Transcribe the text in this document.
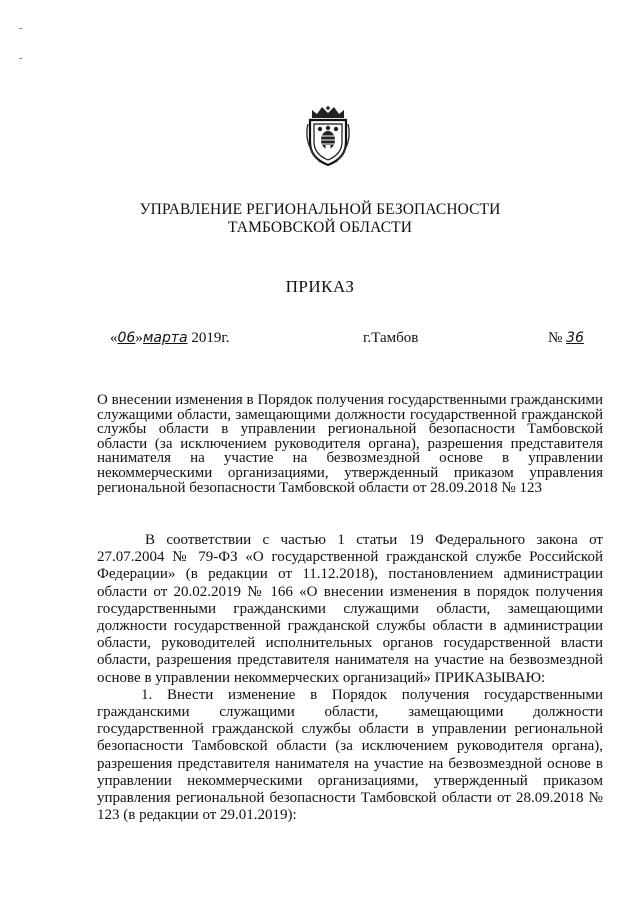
УПРАВЛЕНИЕ РЕГИОНАЛЬНОЙ БЕЗОПАСНОСТИ
ТАМБОВСКОЙ ОБЛАСТИ
ПРИКАЗ
«06»марта 2019г.	г.Тамбов	№ 36
О внесении изменения в Порядок получения государственными гражданскими служащими области, замещающими должности государственной гражданской службы области в управлении региональной безопасности Тамбовской области (за исключением руководителя органа), разрешения представителя нанимателя на участие на безвозмездной основе в управлении некоммерческими организациями, утвержденный приказом управления региональной безопасности Тамбовской области от 28.09.2018 № 123

В соответствии с частью 1 статьи 19 Федерального закона от 27.07.2004 № 79-ФЗ «О государственной гражданской службе Российской Федерации» (в редакции от 11.12.2018), постановлением администрации области от 20.02.2019 № 166 «О внесении изменения в порядок получения государственными гражданскими служащими области, замещающими должности государственной гражданской службы области в администрации области, руководителей исполнительных органов государственной власти области, разрешения представителя нанимателя на участие на безвозмездной основе в управлении некоммерческих организаций» ПРИКАЗЫВАЮ:

1. Внести изменение в Порядок получения государственными гражданскими служащими области, замещающими должности государственной гражданской службы области в управлении региональной безопасности Тамбовской области (за исключением руководителя органа), разрешения представителя нанимателя на участие на безвозмездной основе в управлении некоммерческими организациями, утвержденный приказом управления региональной безопасности Тамбовской области от 28.09.2018 № 123 (в редакции от 29.01.2019):
